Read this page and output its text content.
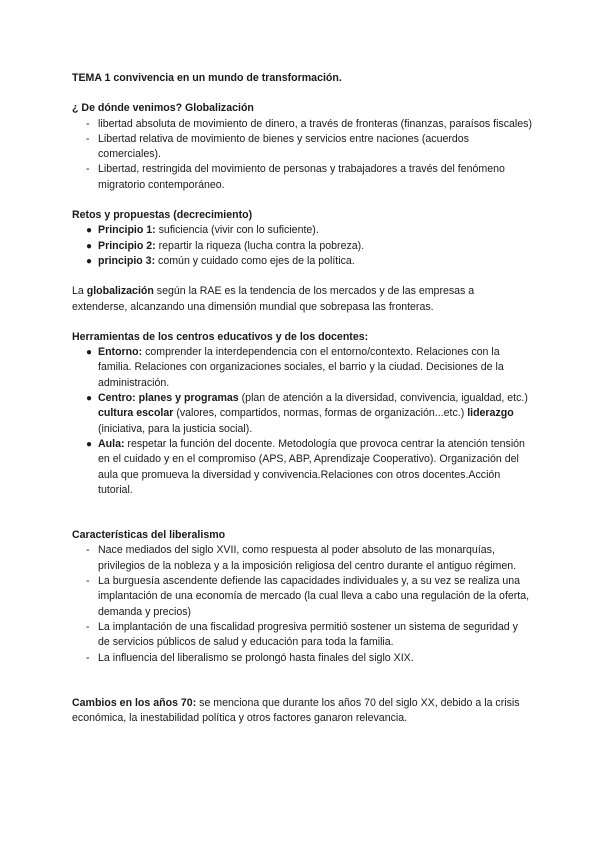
TEMA 1 convivencia en un mundo de transformación.

¿ De dónde venimos? Globalización

- libertad absoluta de movimiento de dinero, a través de fronteras (finanzas, paraísos fiscales)
- Libertad relativa de movimiento de bienes y servicios entre naciones (acuerdos comerciales).
- Libertad, restringida del movimiento de personas y trabajadores a través del fenómeno migratorio contemporáneo.

Retos y propuestas (decrecimiento)

● Principio 1: suficiencia (vivir con lo suficiente).
● Principio 2: repartir la riqueza (lucha contra la pobreza).
● principio 3: común y cuidado como ejes de la política.

La globalización según la RAE es la tendencia de los mercados y de las empresas a extenderse, alcanzando una dimensión mundial que sobrepasa las fronteras.

Herramientas de los centros educativos y de los docentes:

● Entorno: comprender la interdependencia con el entorno/contexto. Relaciones con la familia. Relaciones con organizaciones sociales, el barrio y la ciudad. Decisiones de la administración.
● Centro: planes y programas (plan de atención a la diversidad, convivencia, igualdad, etc.) cultura escolar (valores, compartidos, normas, formas de organización...etc.) liderazgo (iniciativa, para la justicia social).
● Aula: respetar la función del docente. Metodología que provoca centrar la atención tensión en el cuidado y en el compromiso (APS, ABP, Aprendizaje Cooperativo). Organización del aula que promueva la diversidad y convivencia.Relaciones con otros docentes.Acción tutorial.

Características del liberalismo

- Nace mediados del siglo XVII, como respuesta al poder absoluto de las monarquías, privilegios de la nobleza y a la imposición religiosa del centro durante el antiguo régimen.
- La burguesía ascendente defiende las capacidades individuales y, a su vez se realiza una implantación de una economía de mercado (la cual lleva a cabo una regulación de la oferta, demanda y precios)
- La implantación de una fiscalidad progresiva permitió sostener un sistema de seguridad y de servicios públicos de salud y educación para toda la familia.
- La influencia del liberalismo se prolongó hasta finales del siglo XIX.

Cambios en los años 70: se menciona que durante los años 70 del siglo XX, debido a la crisis económica, la inestabilidad política y otros factores ganaron relevancia.
